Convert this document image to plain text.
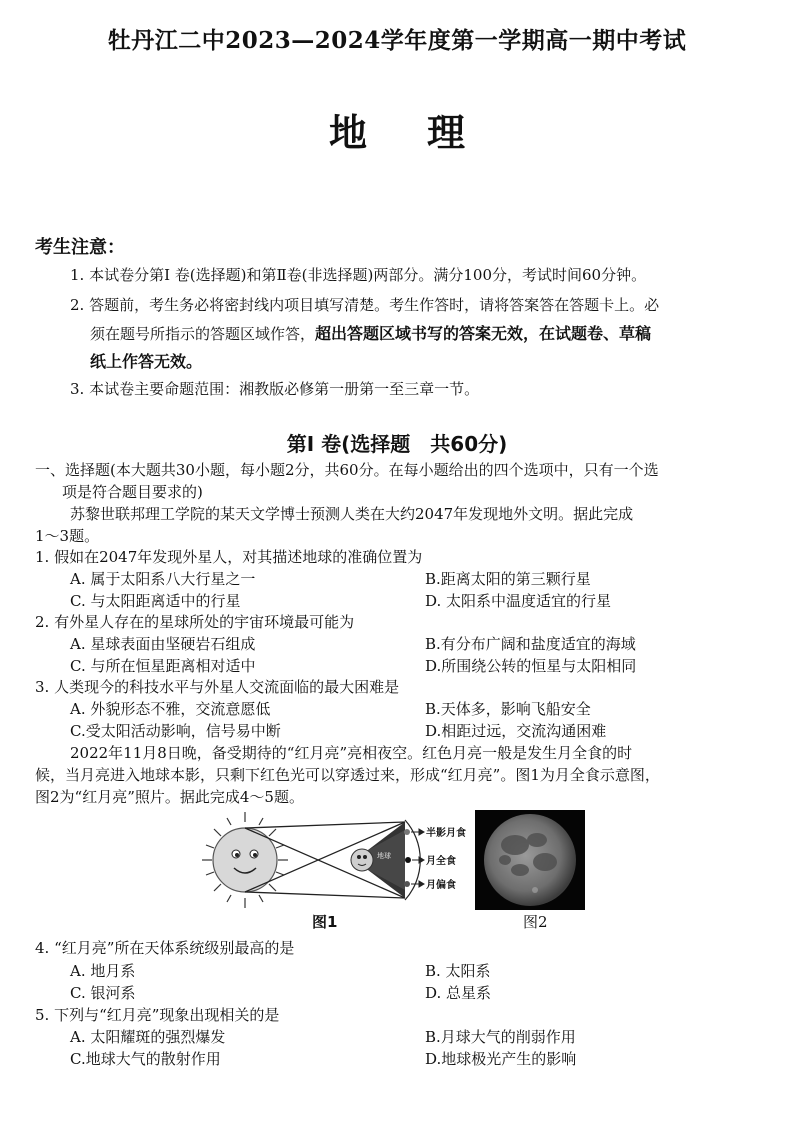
牡丹江二中2023—2024学年度第一学期高一期中考试
地理
考生注意：
1. 本试卷分第Ⅰ 卷(选择题)和第Ⅱ卷(非选择题)两部分。满分100分，考试时间60分钟。
2. 答题前，考生务必将密封线内项目填写清楚。考生作答时，请将答案答在答题卡上。必
须在题号所指示的答题区域作答，超出答题区域书写的答案无效，在试题卷、草稿
纸上作答无效。
3. 本试卷主要命题范围：湘教版必修第一册第一至三章一节。
第Ⅰ 卷(选择题　共60分)
一、选择题(本大题共30小题，每小题2分，共60分。在每小题给出的四个选项中，只有一个选
项是符合题目要求的)
苏黎世联邦理工学院的某天文学博士预测人类在大约2047年发现地外文明。据此完成
1～3题。
1. 假如在2047年发现外星人，对其描述地球的准确位置为
A. 属于太阳系八大行星之一	B.距离太阳的第三颗行星
C. 与太阳距离适中的行星	D. 太阳系中温度适宜的行星
2. 有外星人存在的星球所处的宇宙环境最可能为
A. 星球表面由坚硬岩石组成	B.有分布广阔和盐度适宜的海域
C. 与所在恒星距离相对适中	D.所围绕公转的恒星与太阳相同
3. 人类现今的科技水平与外星人交流面临的最大困难是
A. 外貌形态不雅，交流意愿低	B.天体多，影响飞船安全
C.受太阳活动影响，信号易中断	D.相距过远，交流沟通困难
2022年11月8日晚，备受期待的“红月亮”亮相夜空。红色月亮一般是发生月全食的时
候，当月亮进入地球本影，只剩下红色光可以穿透过来，形成“红月亮”。图1为月全食示意图，
图2为“红月亮”照片。据此完成4～5题。
地球
半影月食
月全食
月偏食
图1	图2
4. “红月亮”所在天体系统级别最高的是
A. 地月系	B. 太阳系
C. 银河系	D. 总星系
5. 下列与“红月亮”现象出现相关的是
A. 太阳耀斑的强烈爆发	B.月球大气的削弱作用
C.地球大气的散射作用	D.地球极光产生的影响
